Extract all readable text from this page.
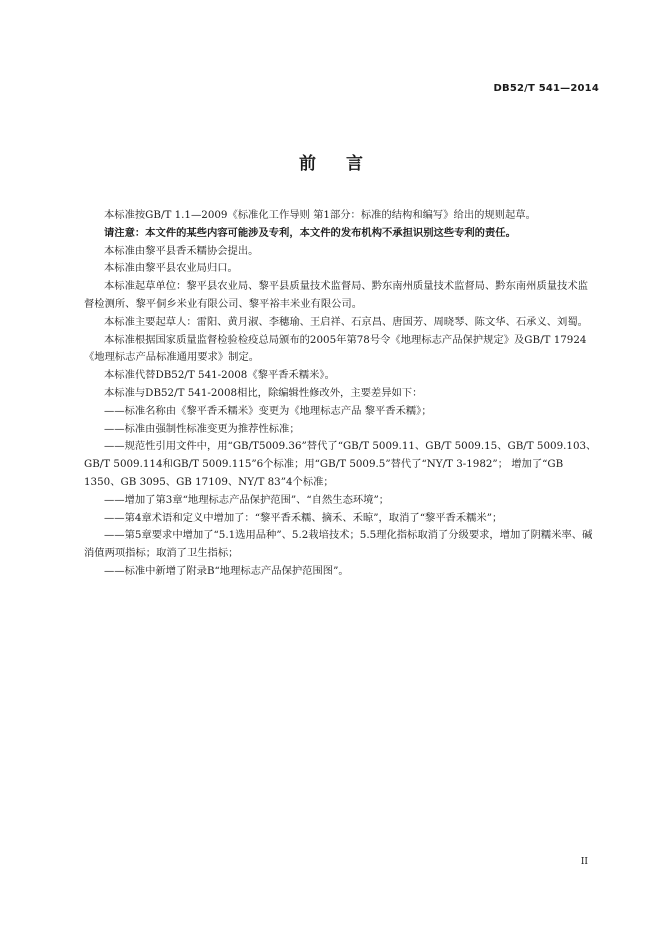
DB52/T 541—2014
前言

本标准按GB/T 1.1—2009《标准化工作导则 第1部分：标准的结构和编写》给出的规则起草。

请注意：本文件的某些内容可能涉及专利，本文件的发布机构不承担识别这些专利的责任。

本标准由黎平县香禾糯协会提出。

本标准由黎平县农业局归口。

本标准起草单位：黎平县农业局、黎平县质量技术监督局、黔东南州质量技术监督局、黔东南州质量技术监督检测所、黎平侗乡米业有限公司、黎平裕丰米业有限公司。

本标准主要起草人：雷阳、黄月淑、李穗瑜、王启祥、石京昌、唐国芳、周晓琴、陈文华、石承义、刘蜀。

本标准根据国家质量监督检验检疫总局颁布的2005年第78号令《地理标志产品保护规定》及GB/T 17924《地理标志产品标准通用要求》制定。

本标准代替DB52/T 541-2008《黎平香禾糯米》。

本标准与DB52/T 541-2008相比，除编辑性修改外，主要差异如下：

——标准名称由《黎平香禾糯米》变更为《地理标志产品 黎平香禾糯》；

——标准由强制性标准变更为推荐性标准；

——规范性引用文件中，用“GB/T5009.36”替代了“GB/T 5009.11、GB/T 5009.15、GB/T 5009.103、GB/T 5009.114和GB/T 5009.115”6个标准；用“GB/T 5009.5”替代了“NY/T 3-1982”； 增加了“GB 1350、GB 3095、GB 17109、NY/T 83”4个标准；

——增加了第3章“地理标志产品保护范围”、“自然生态环境”；

——第4章术语和定义中增加了：“黎平香禾糯、摘禾、禾晾”，取消了“黎平香禾糯米”；

——第5章要求中增加了“5.1选用品种”、5.2栽培技术；5.5理化指标取消了分级要求，增加了阴糯米率、碱消值两项指标；取消了卫生指标；

——标准中新增了附录B“地理标志产品保护范围图”。

II
